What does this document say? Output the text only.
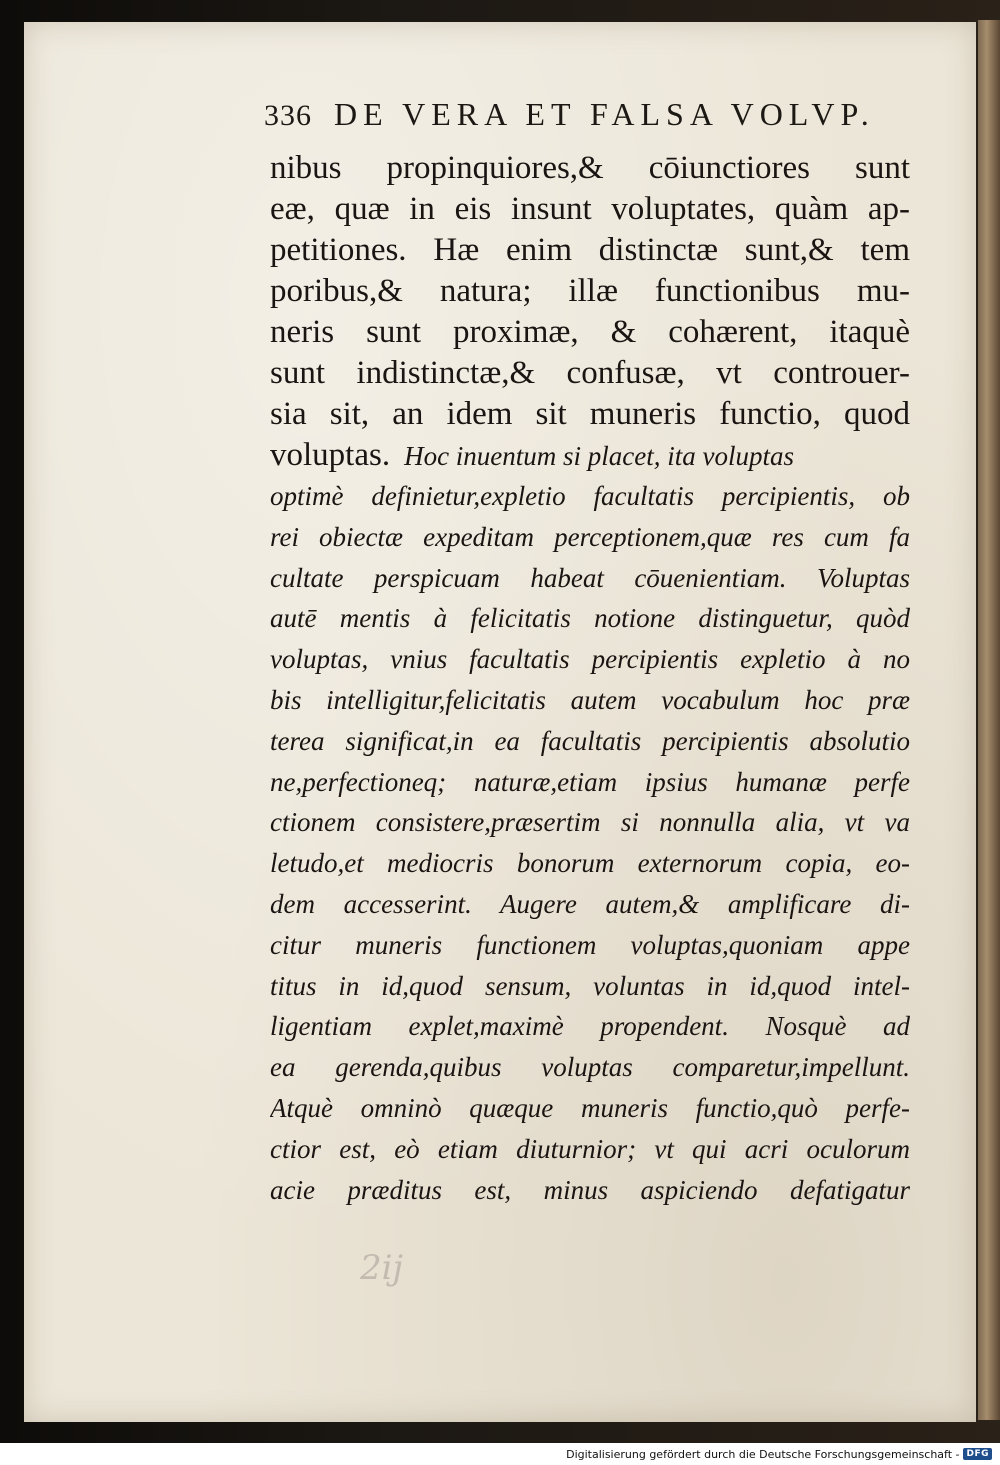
336 DE VERA ET FALSA VOLVP.
nibus propinquiores,& cōiunctiores sunt
eæ, quæ in eis insunt voluptates, quàm ap-
petitiones. Hæ enim distinctæ sunt,& tem
poribus,& natura; illæ functionibus mu-
neris sunt proximæ, & cohærent, itaquè
sunt indistinctæ,& confusæ, vt controuer-
sia sit, an idem sit muneris functio, quod
voluptas. Hoc inuentum si placet, ita voluptas
optimè definietur,expletio facultatis percipientis, ob
rei obiectæ expeditam perceptionem,quæ res cum fa
cultate perspicuam habeat cōuenientiam. Voluptas
autē mentis à felicitatis notione distinguetur, quòd
voluptas, vnius facultatis percipientis expletio à no
bis intelligitur,felicitatis autem vocabulum hoc præ
terea significat,in ea facultatis percipientis absolutio
ne,perfectioneq; naturæ,etiam ipsius humanæ perfe
ctionem consistere,præsertim si nonnulla alia, vt va
letudo,et mediocris bonorum externorum copia, eo-
dem accesserint. Augere autem,& amplificare di-
citur muneris functionem voluptas,quoniam appe
titus in id,quod sensum, voluntas in id,quod intel-
ligentiam explet,maximè propendent. Nosquè ad
ea gerenda,quibus voluptas comparetur,impellunt.
Atquè omninò quæque muneris functio,quò perfe-
ctior est, eò etiam diuturnior; vt qui acri oculorum
acie præditus est, minus aspiciendo defatigatur
2ij
Digitalisierung gefördert durch die Deutsche Forschungsgemeinschaft - DFG
